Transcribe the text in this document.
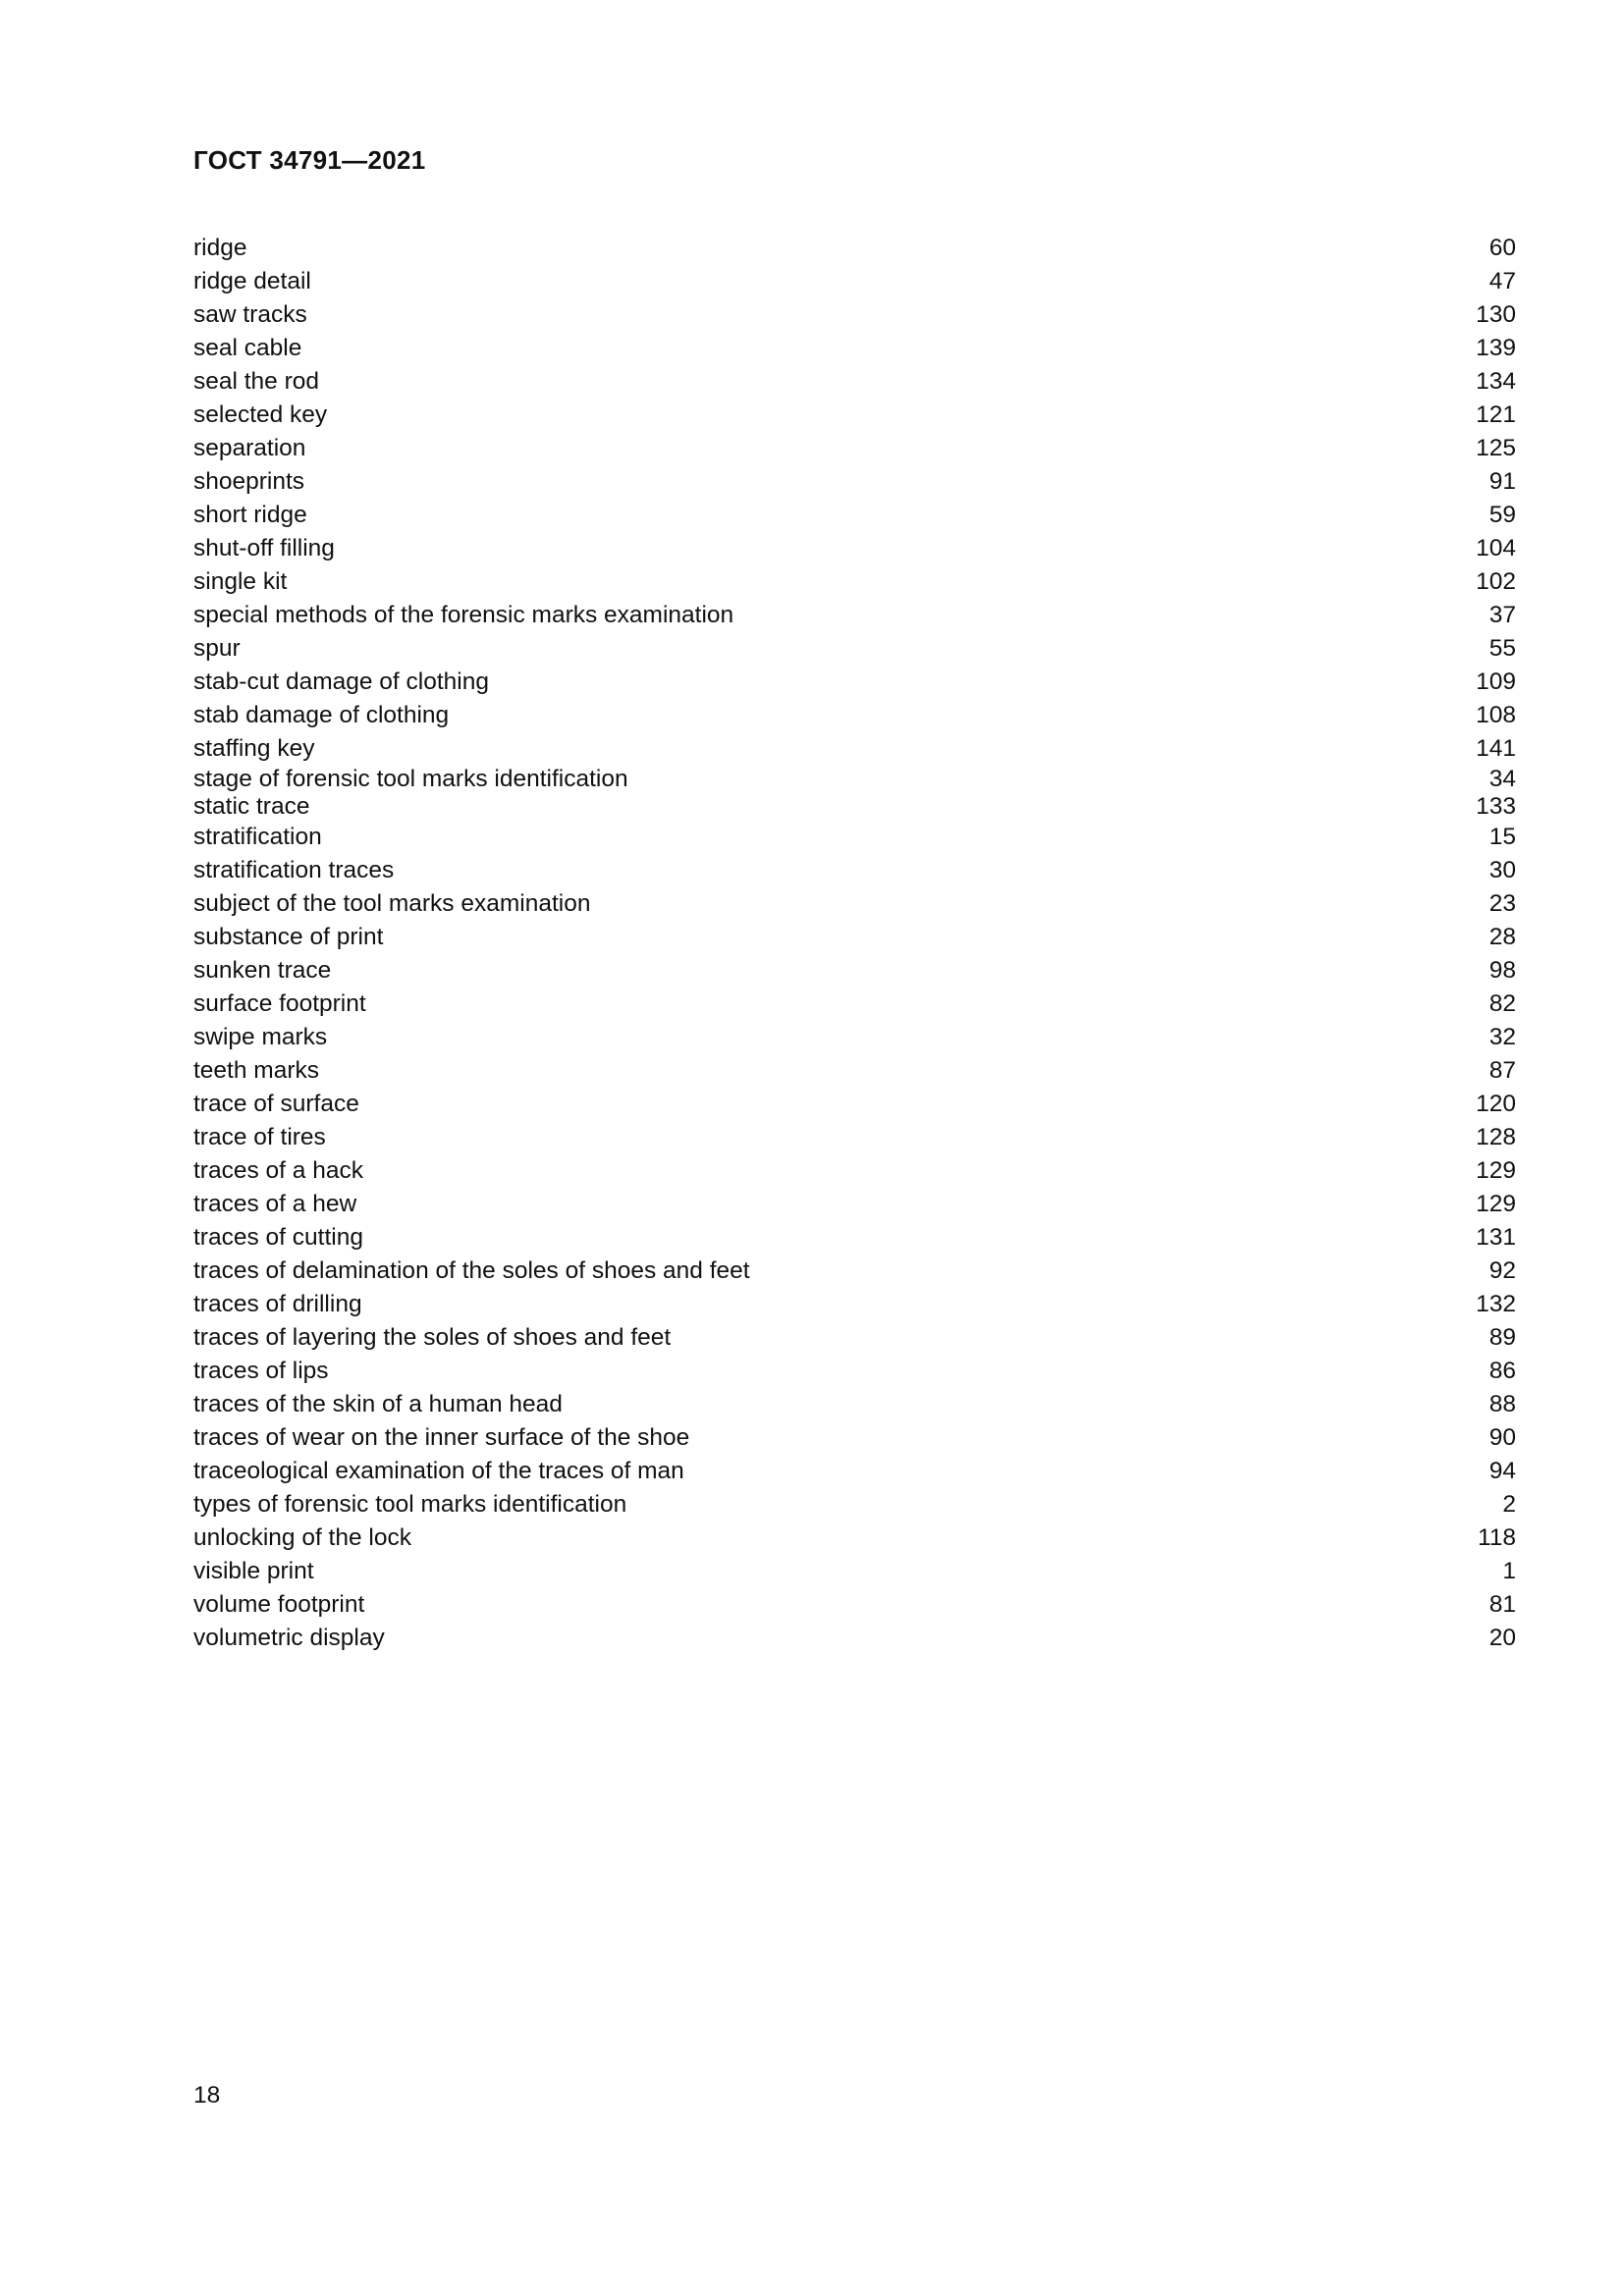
ГОСТ 34791—2021
ridge	60
ridge detail	47
saw tracks	130
seal cable	139
seal the rod	134
selected key	121
separation	125
shoeprints	91
short ridge	59
shut-off filling	104
single kit	102
special methods of the forensic marks examination	37
spur	55
stab-cut damage of clothing	109
stab damage of clothing	108
staffing key	141
stage of forensic tool marks identification	34
static trace	133
stratification	15
stratification traces	30
subject of the tool marks examination	23
substance of print	28
sunken trace	98
surface footprint	82
swipe marks	32
teeth marks	87
trace of surface	120
trace of tires	128
traces of a hack	129
traces of a hew	129
traces of cutting	131
traces of delamination of the soles of shoes and feet	92
traces of drilling	132
traces of layering the soles of shoes and feet	89
traces of lips	86
traces of the skin of a human head	88
traces of wear on the inner surface of the shoe	90
traceological examination of the traces of man	94
types of forensic tool marks identification	2
unlocking of the lock	118
visible print	1
volume footprint	81
volumetric display	20
18
